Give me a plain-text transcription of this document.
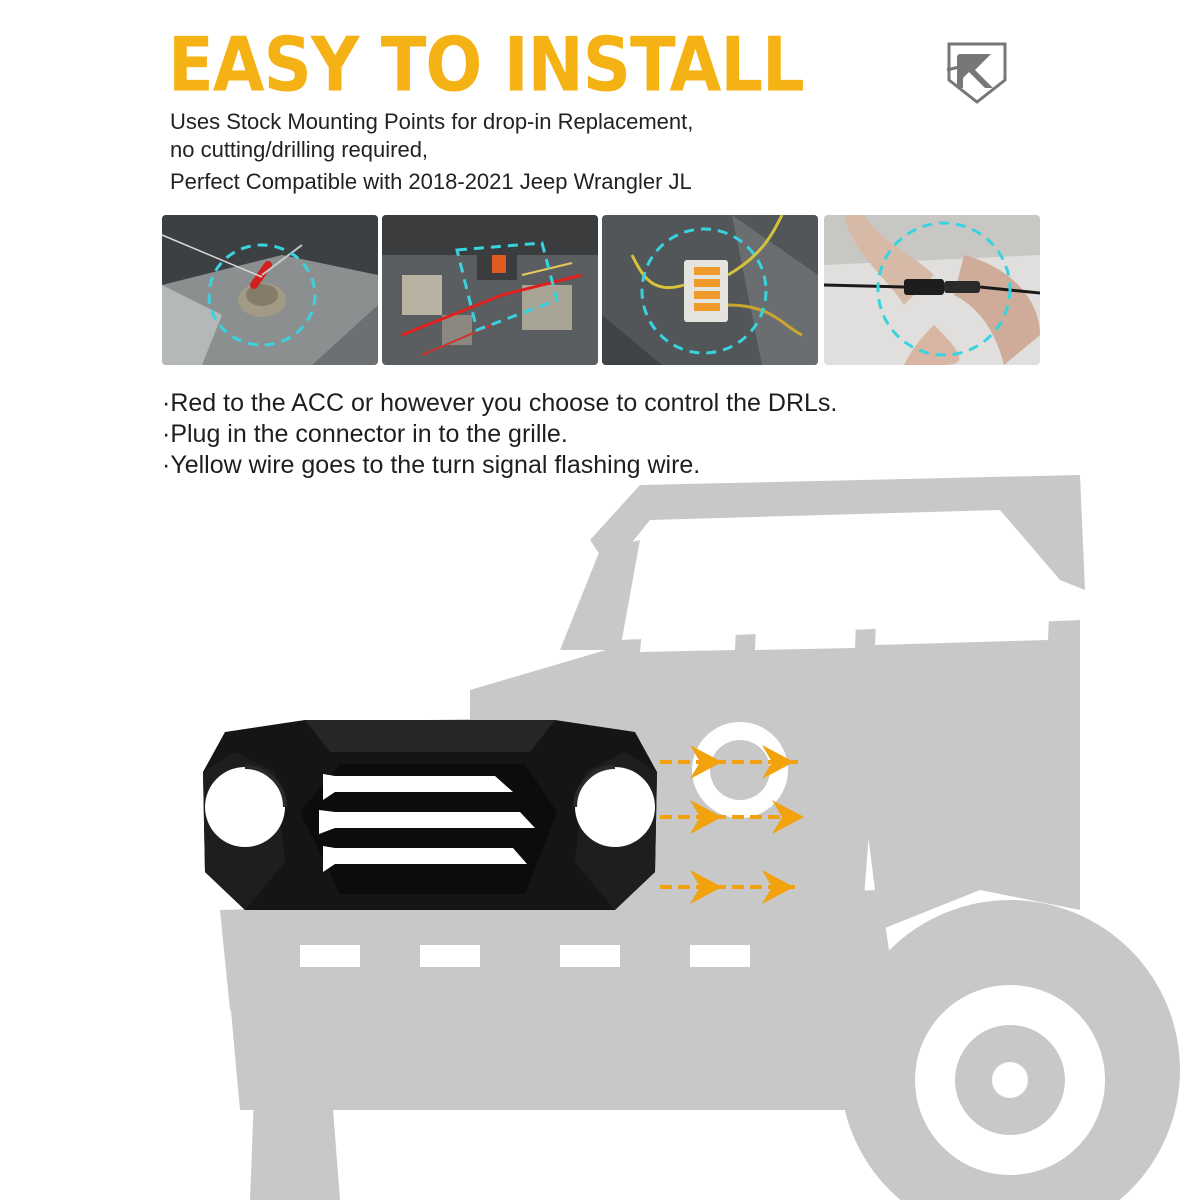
EASY TO INSTALL
Uses Stock Mounting Points for drop-in Replacement,
no cutting/drilling required,
Perfect Compatible with 2018-2021 Jeep Wrangler JL
·Red to the ACC or however you choose to control the DRLs.
·Plug in the connector in to the grille.
·Yellow wire goes to the turn signal flashing wire.
